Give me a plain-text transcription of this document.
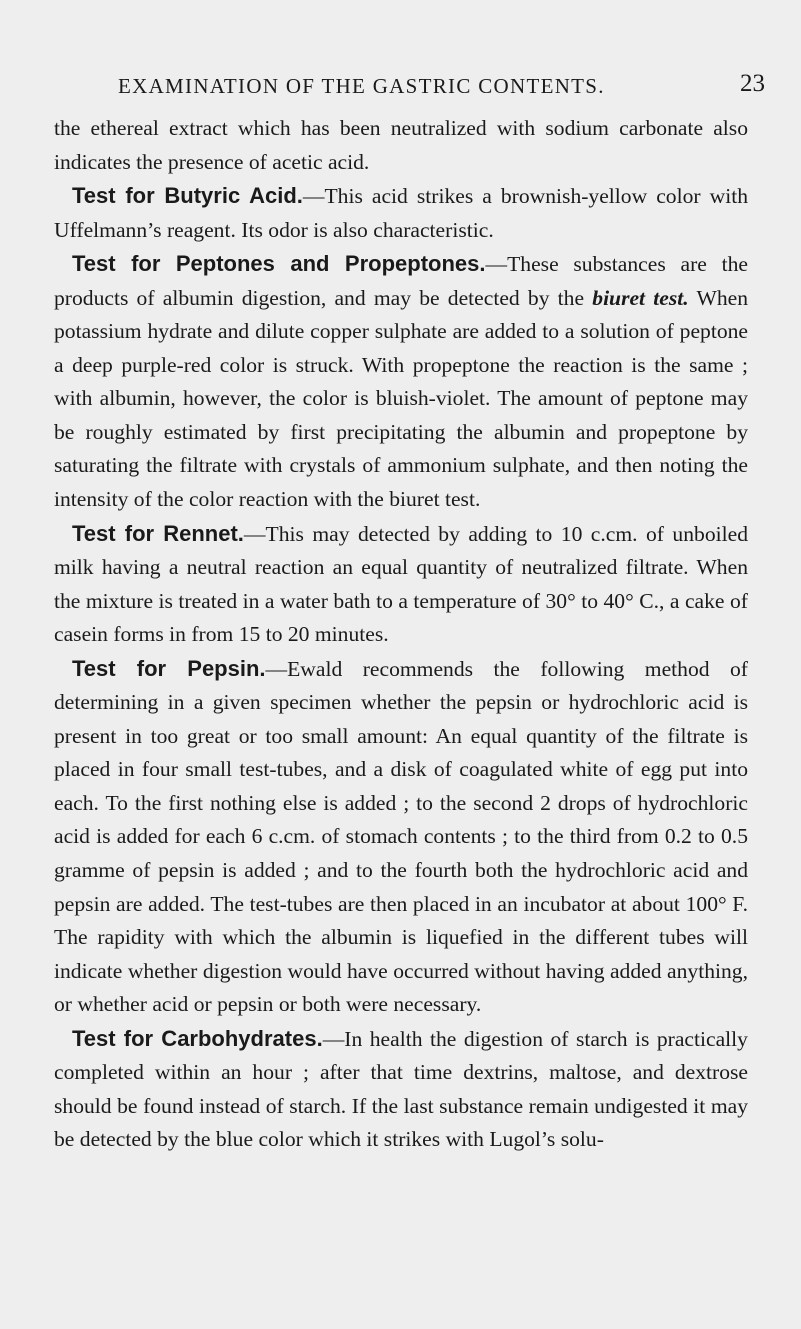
EXAMINATION OF THE GASTRIC CONTENTS.	23

the ethereal extract which has been neutralized with sodium carbonate also indicates the presence of acetic acid.

Test for Butyric Acid.—This acid strikes a brownish-yellow color with Uffelmann’s reagent. Its odor is also characteristic.

Test for Peptones and Propeptones.—These substances are the products of albumin digestion, and may be detected by the biuret test. When potassium hydrate and dilute copper sulphate are added to a solution of peptone a deep purple-red color is struck. With propeptone the reaction is the same ; with albumin, however, the color is bluish-violet. The amount of peptone may be roughly estimated by first precipitating the albumin and propeptone by saturating the filtrate with crystals of ammonium sulphate, and then noting the intensity of the color reaction with the biuret test.

Test for Rennet.—This may detected by adding to 10 c.cm. of unboiled milk having a neutral reaction an equal quantity of neutralized filtrate. When the mixture is treated in a water bath to a temperature of 30° to 40° C., a cake of casein forms in from 15 to 20 minutes.

Test for Pepsin.—Ewald recommends the following method of determining in a given specimen whether the pepsin or hydrochloric acid is present in too great or too small amount: An equal quantity of the filtrate is placed in four small test-tubes, and a disk of coagulated white of egg put into each. To the first nothing else is added ; to the second 2 drops of hydrochloric acid is added for each 6 c.cm. of stomach contents ; to the third from 0.2 to 0.5 gramme of pepsin is added ; and to the fourth both the hydrochloric acid and pepsin are added. The test-tubes are then placed in an incubator at about 100° F. The rapidity with which the albumin is liquefied in the different tubes will indicate whether digestion would have occurred without having added anything, or whether acid or pepsin or both were necessary.

Test for Carbohydrates.—In health the digestion of starch is practically completed within an hour ; after that time dextrins, maltose, and dextrose should be found instead of starch. If the last substance remain undigested it may be detected by the blue color which it strikes with Lugol’s solu-
